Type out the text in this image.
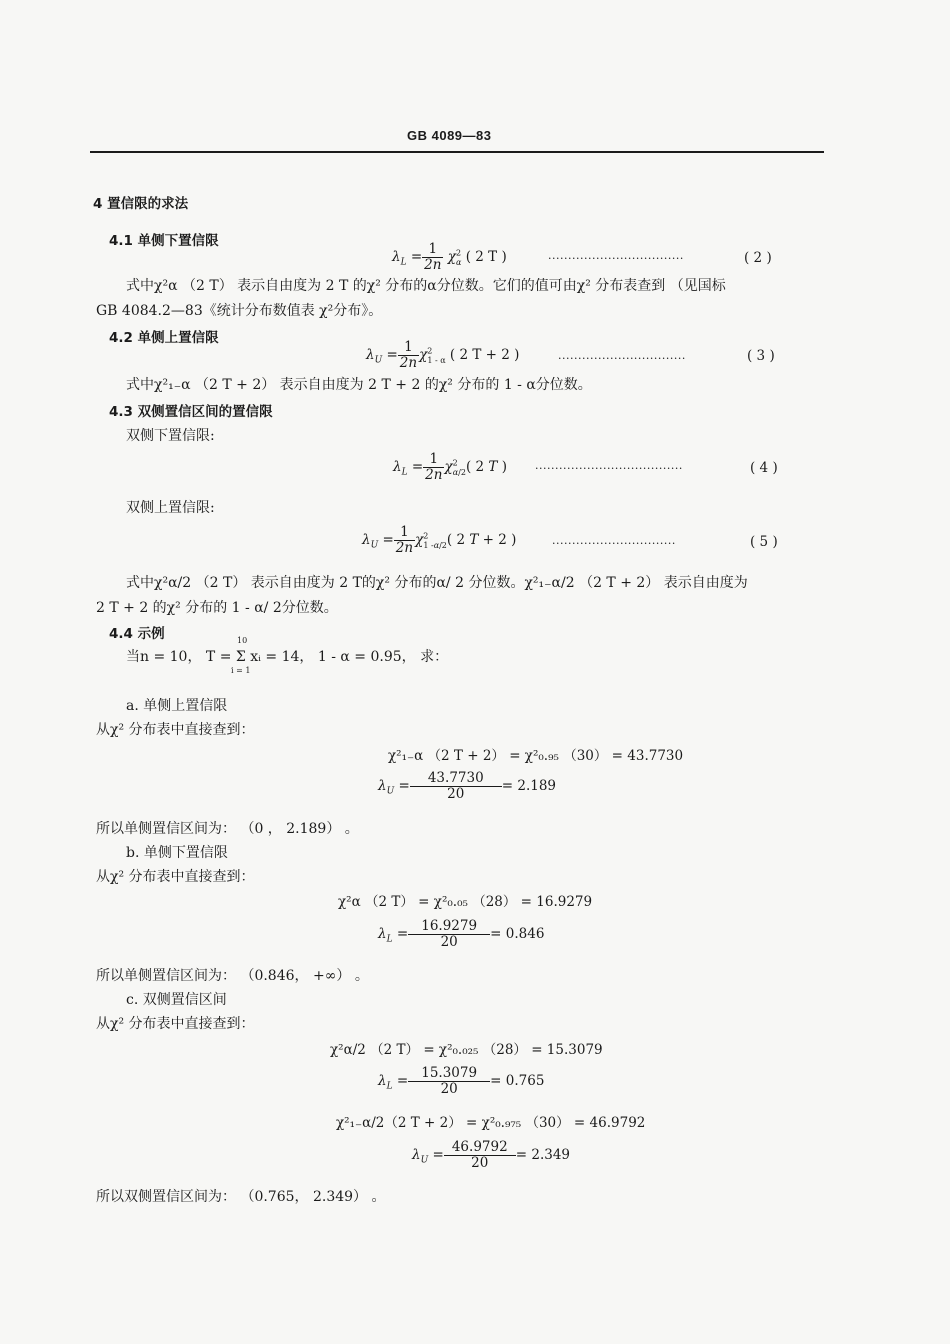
GB 4089—83
4 置信限的求法
4.1 单侧下置信限
$\lambda_L = \frac{1}{2n} \chi^2_\alpha$ ( 2 T )	··································	( 2 )
式中χ²α （2 T） 表示自由度为 2 T 的χ² 分布的α分位数。它们的值可由χ² 分布表查到 （见国标
GB 4084.2—83《统计分布数值表 χ²分布》。
4.2 单侧上置信限
$\lambda_U = \frac{1}{2n} \chi^2_{1 - \alpha}$ ( 2 T + 2 )	································	( 3 )
式中χ²₁₋α （2 T + 2） 表示自由度为 2 T + 2 的χ² 分布的 1 - α分位数。
4.3 双侧置信区间的置信限
双侧下置信限:
$\lambda_L = \frac{1}{2n} \chi^2_{\alpha/2}$( 2 T )	·····································	( 4 )
双侧上置信限:
$\lambda_U = \frac{1}{2n} \chi^2_{1 -\alpha/2}$( 2 T + 2 )	·······························	( 5 )
式中χ²α/2 （2 T） 表示自由度为 2 T的χ² 分布的α/ 2 分位数。χ²₁₋α/2 （2 T + 2） 表示自由度为
2 T + 2 的χ² 分布的 1 - α/ 2分位数。
4.4 示例
当n = 10， T = Σ xᵢ = 14， 1 - α = 0.95， 求：
10
i = 1
a. 单侧上置信限
从χ² 分布表中直接查到：
χ²₁₋α （2 T + 2） = χ²₀.₉₅ （30） = 43.7730
$\lambda_U = \frac{43.7730}{20} = 2.189$
所以单侧置信区间为： （0 ， 2.189） 。
b. 单侧下置信限
从χ² 分布表中直接查到：
χ²α （2 T） = χ²₀.₀₅ （28） = 16.9279
$\lambda_L = \frac{16.9279}{20} = 0.846$
所以单侧置信区间为： （0.846， +∞） 。
c. 双侧置信区间
从χ² 分布表中直接查到：
χ²α/2 （2 T） = χ²₀.₀₂₅ （28） = 15.3079
$\lambda_L = \frac{15.3079}{20} = 0.765$
χ²₁₋α/2（2 T + 2） = χ²₀.₉₇₅ （30） = 46.9792
$\lambda_U = \frac{46.9792}{20} = 2.349$
所以双侧置信区间为： （0.765， 2.349） 。
